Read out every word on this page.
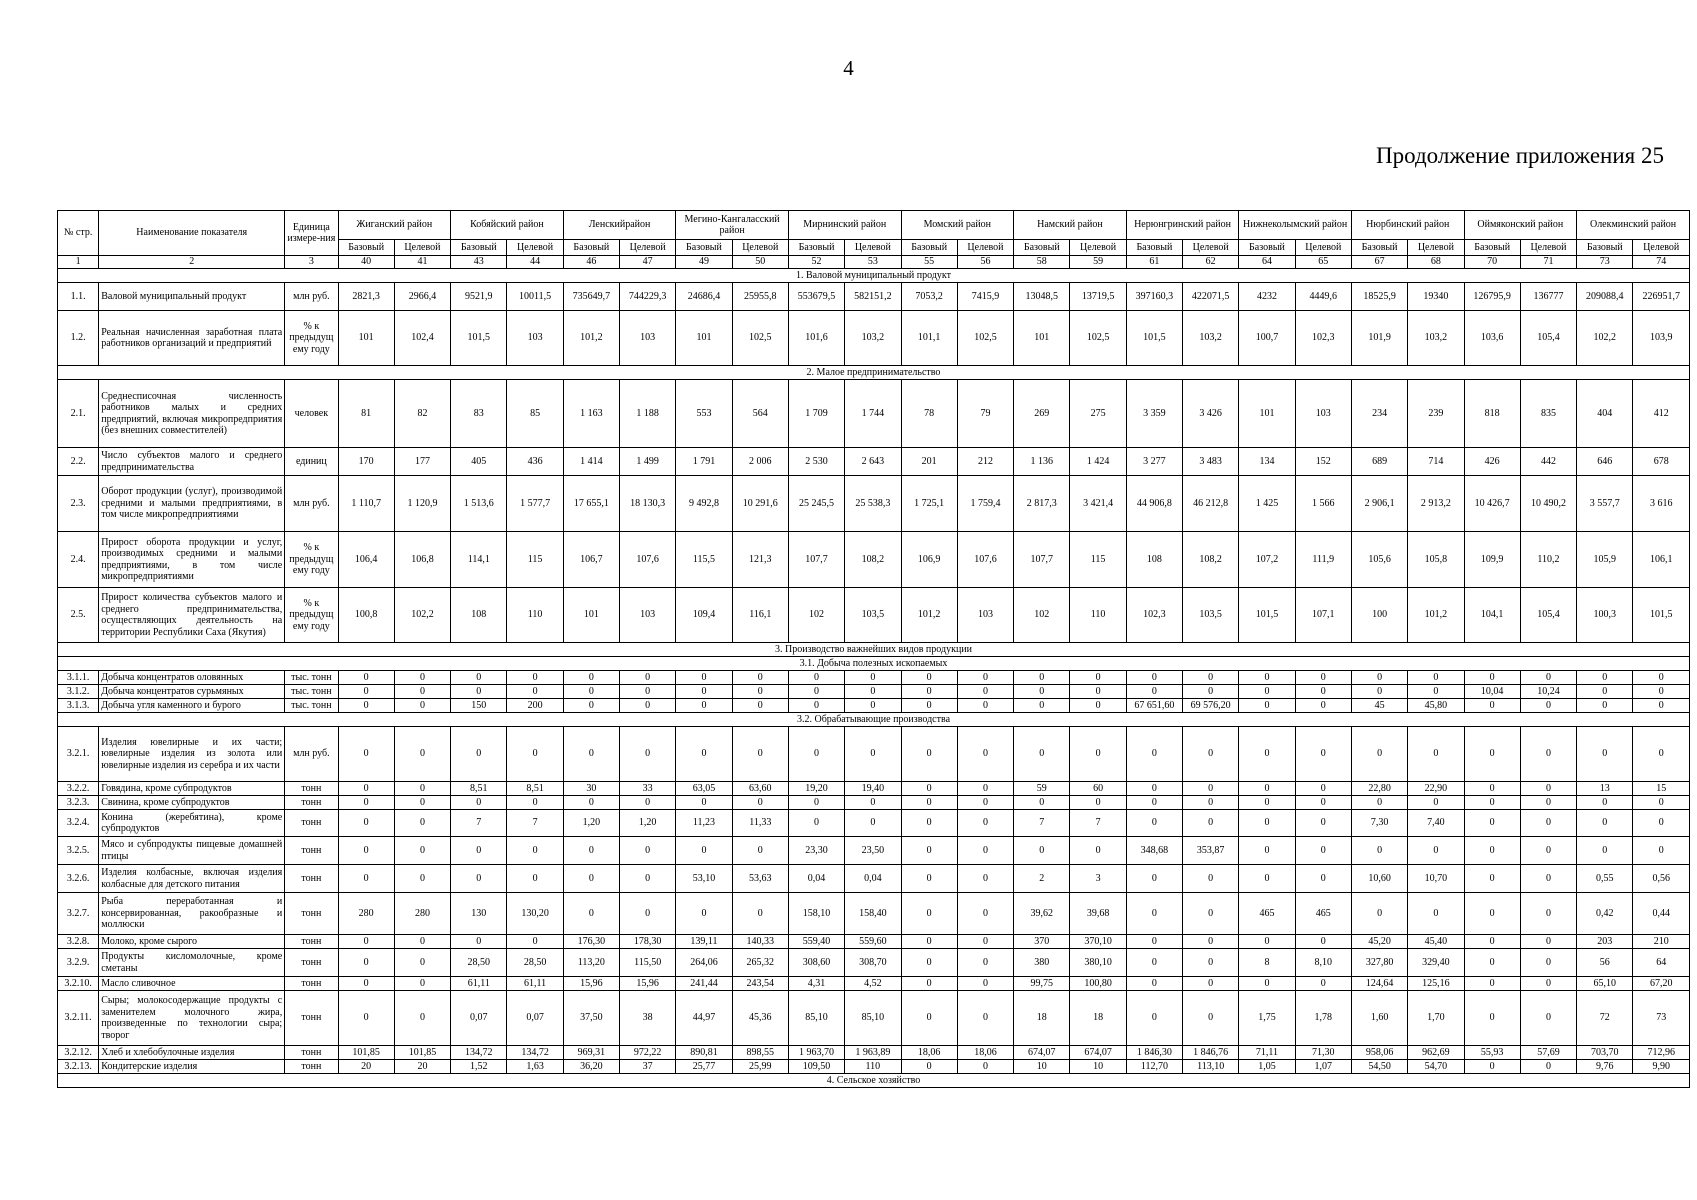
4
Продолжение приложения 25
№ стр.	Наименование показателя	Единица измере-ния	Жиганский район		Кобяйский район		Ленскийрайон		Мегино-Кангаласский район		Мирнинский район		Момский район		Намский район		Нерюнгринский район		Нижнеколымский район		Нюрбинский район		Оймяконский район		Олекминский район	
			Базовый	Целевой	Базовый	Целевой	Базовый	Целевой	Базовый	Целевой	Базовый	Целевой	Базовый	Целевой	Базовый	Целевой	Базовый	Целевой	Базовый	Целевой	Базовый	Целевой	Базовый	Целевой	Базовый	Целевой
1	2	3	40	41	43	44	46	47	49	50	52	53	55	56	58	59	61	62	64	65	67	68	70	71	73	74
1. Валовой муниципальный продукт																										
1.1.	Валовой муниципальный продукт	млн руб.	2821,3	2966,4	9521,9	10011,5	735649,7	744229,3	24686,4	25955,8	553679,5	582151,2	7053,2	7415,9	13048,5	13719,5	397160,3	422071,5	4232	4449,6	18525,9	19340	126795,9	136777	209088,4	226951,7
1.2.	Реальная начисленная заработная плата работников организаций и предприятий	% к предыдущему году	101	102,4	101,5	103	101,2	103	101	102,5	101,6	103,2	101,1	102,5	101	102,5	101,5	103,2	100,7	102,3	101,9	103,2	103,6	105,4	102,2	103,9
2. Малое предпринимательство																										
2.1.	Среднесписочная численность работников малых и средних предприятий, включая микропредприятия (без внешних совместителей)	человек	81	82	83	85	1 163	1 188	553	564	1 709	1 744	78	79	269	275	3 359	3 426	101	103	234	239	818	835	404	412
2.2.	Число субъектов малого и среднего предпринимательства	единиц	170	177	405	436	1 414	1 499	1 791	2 006	2 530	2 643	201	212	1 136	1 424	3 277	3 483	134	152	689	714	426	442	646	678
2.3.	Оборот продукции (услуг), производимой средними и малыми предприятиями, в том числе микропредприятиями	млн руб.	1 110,7	1 120,9	1 513,6	1 577,7	17 655,1	18 130,3	9 492,8	10 291,6	25 245,5	25 538,3	1 725,1	1 759,4	2 817,3	3 421,4	44 906,8	46 212,8	1 425	1 566	2 906,1	2 913,2	10 426,7	10 490,2	3 557,7	3 616
2.4.	Прирост оборота продукции и услуг, производимых средними и малыми предприятиями, в том числе микропредприятиями	% к предыдущему году	106,4	106,8	114,1	115	106,7	107,6	115,5	121,3	107,7	108,2	106,9	107,6	107,7	115	108	108,2	107,2	111,9	105,6	105,8	109,9	110,2	105,9	106,1
2.5.	Прирост количества субъектов малого и среднего предпринимательства, осуществляющих деятельность на территории Республики Саха (Якутия)	% к предыдущему году	100,8	102,2	108	110	101	103	109,4	116,1	102	103,5	101,2	103	102	110	102,3	103,5	101,5	107,1	100	101,2	104,1	105,4	100,3	101,5
3. Производство важнейших видов продукции																										
3.1. Добыча полезных ископаемых																										
3.1.1.	Добыча концентратов оловянных	тыс. тонн	0	0	0	0	0	0	0	0	0	0	0	0	0	0	0	0	0	0	0	0	0	0	0	0
3.1.2.	Добыча концентратов сурьмяных	тыс. тонн	0	0	0	0	0	0	0	0	0	0	0	0	0	0	0	0	0	0	0	0	10,04	10,24	0	0
3.1.3.	Добыча угля каменного и бурого	тыс. тонн	0	0	150	200	0	0	0	0	0	0	0	0	0	0	67 651,60	69 576,20	0	0	45	45,80	0	0	0	0
3.2. Обрабатывающие производства																										
3.2.1.	Изделия ювелирные и их части; ювелирные изделия из золота или ювелирные изделия из серебра и их части	млн руб.	0	0	0	0	0	0	0	0	0	0	0	0	0	0	0	0	0	0	0	0	0	0	0	0
3.2.2.	Говядина, кроме субпродуктов	тонн	0	0	8,51	8,51	30	33	63,05	63,60	19,20	19,40	0	0	59	60	0	0	0	0	22,80	22,90	0	0	13	15
3.2.3.	Свинина, кроме субпродуктов	тонн	0	0	0	0	0	0	0	0	0	0	0	0	0	0	0	0	0	0	0	0	0	0	0	0
3.2.4.	Конина (жеребятина), кроме субпродуктов	тонн	0	0	7	7	1,20	1,20	11,23	11,33	0	0	0	0	7	7	0	0	0	0	7,30	7,40	0	0	0	0
3.2.5.	Мясо и субпродукты пищевые домашней птицы	тонн	0	0	0	0	0	0	0	0	23,30	23,50	0	0	0	0	348,68	353,87	0	0	0	0	0	0	0	0
3.2.6.	Изделия колбасные, включая изделия колбасные для детского питания	тонн	0	0	0	0	0	0	53,10	53,63	0,04	0,04	0	0	2	3	0	0	0	0	10,60	10,70	0	0	0,55	0,56
3.2.7.	Рыба переработанная и консервированная, ракообразные и моллюски	тонн	280	280	130	130,20	0	0	0	0	158,10	158,40	0	0	39,62	39,68	0	0	465	465	0	0	0	0	0,42	0,44
3.2.8.	Молоко, кроме сырого	тонн	0	0	0	0	176,30	178,30	139,11	140,33	559,40	559,60	0	0	370	370,10	0	0	0	0	45,20	45,40	0	0	203	210
3.2.9.	Продукты кисломолочные, кроме сметаны	тонн	0	0	28,50	28,50	113,20	115,50	264,06	265,32	308,60	308,70	0	0	380	380,10	0	0	8	8,10	327,80	329,40	0	0	56	64
3.2.10.	Масло сливочное	тонн	0	0	61,11	61,11	15,96	15,96	241,44	243,54	4,31	4,52	0	0	99,75	100,80	0	0	0	0	124,64	125,16	0	0	65,10	67,20
3.2.11.	Сыры; молокосодержащие продукты с заменителем молочного жира, произведенные по технологии сыра; творог	тонн	0	0	0,07	0,07	37,50	38	44,97	45,36	85,10	85,10	0	0	18	18	0	0	1,75	1,78	1,60	1,70	0	0	72	73
3.2.12.	Хлеб и хлебобулочные изделия	тонн	101,85	101,85	134,72	134,72	969,31	972,22	890,81	898,55	1 963,70	1 963,89	18,06	18,06	674,07	674,07	1 846,30	1 846,76	71,11	71,30	958,06	962,69	55,93	57,69	703,70	712,96
3.2.13.	Кондитерские изделия	тонн	20	20	1,52	1,63	36,20	37	25,77	25,99	109,50	110	0	0	10	10	112,70	113,10	1,05	1,07	54,50	54,70	0	0	9,76	9,90
4. Сельское хозяйство																										
